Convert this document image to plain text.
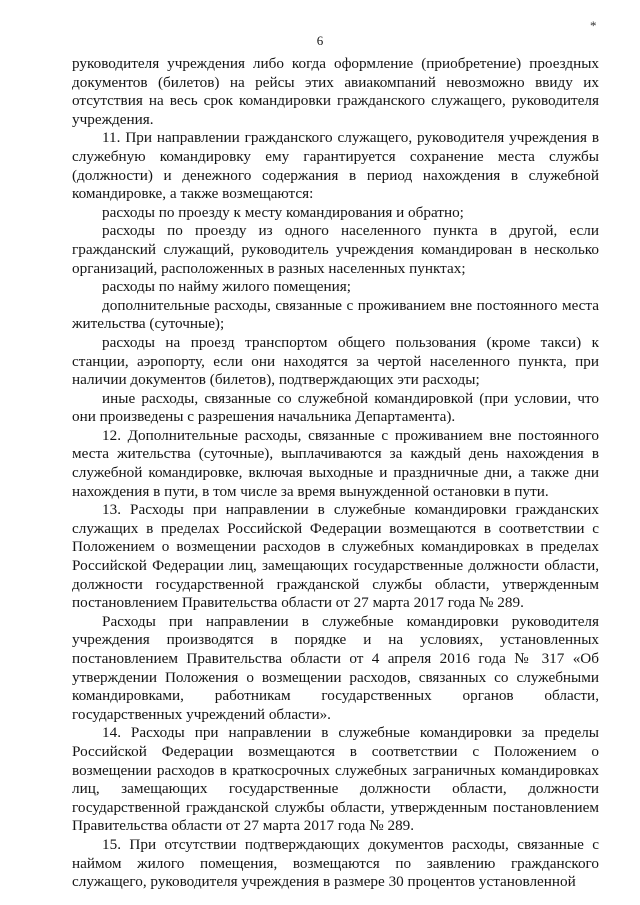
*
6

руководителя учреждения либо когда оформление (приобретение) проездных документов (билетов) на рейсы этих авиакомпаний невозможно ввиду их отсутствия на весь срок командировки гражданского служащего, руководителя учреждения.

11. При направлении гражданского служащего, руководителя учреждения в служебную командировку ему гарантируется сохранение места службы (должности) и денежного содержания в период нахождения в служебной командировке, а также возмещаются:

расходы по проезду к месту командирования и обратно;

расходы по проезду из одного населенного пункта в другой, если гражданский служащий, руководитель учреждения командирован в несколько организаций, расположенных в разных населенных пунктах;

расходы по найму жилого помещения;

дополнительные расходы, связанные с проживанием вне постоянного места жительства (суточные);

расходы на проезд транспортом общего пользования (кроме такси) к станции, аэропорту, если они находятся за чертой населенного пункта, при наличии документов (билетов), подтверждающих эти расходы;

иные расходы, связанные со служебной командировкой (при условии, что они произведены с разрешения начальника Департамента).

12. Дополнительные расходы, связанные с проживанием вне постоянного места жительства (суточные), выплачиваются за каждый день нахождения в служебной командировке, включая выходные и праздничные дни, а также дни нахождения в пути, в том числе за время вынужденной остановки в пути.

13. Расходы при направлении в служебные командировки гражданских служащих в пределах Российской Федерации возмещаются в соответствии с Положением о возмещении расходов в служебных командировках в пределах Российской Федерации лиц, замещающих государственные должности области, должности государственной гражданской службы области, утвержденным постановлением Правительства области от 27 марта 2017 года № 289.

Расходы при направлении в служебные командировки руководителя учреждения производятся в порядке и на условиях, установленных постановлением Правительства области от 4 апреля 2016 года № 317 «Об утверждении Положения о возмещении расходов, связанных со служебными командировками, работникам государственных органов области, государственных учреждений области».

14. Расходы при направлении в служебные командировки за пределы Российской Федерации возмещаются в соответствии с Положением о возмещении расходов в краткосрочных служебных заграничных командировках лиц, замещающих государственные должности области, должности государственной гражданской службы области, утвержденным постановлением Правительства области от 27 марта 2017 года № 289.

15. При отсутствии подтверждающих документов расходы, связанные с наймом жилого помещения, возмещаются по заявлению гражданского служащего, руководителя учреждения в размере 30 процентов установленной
